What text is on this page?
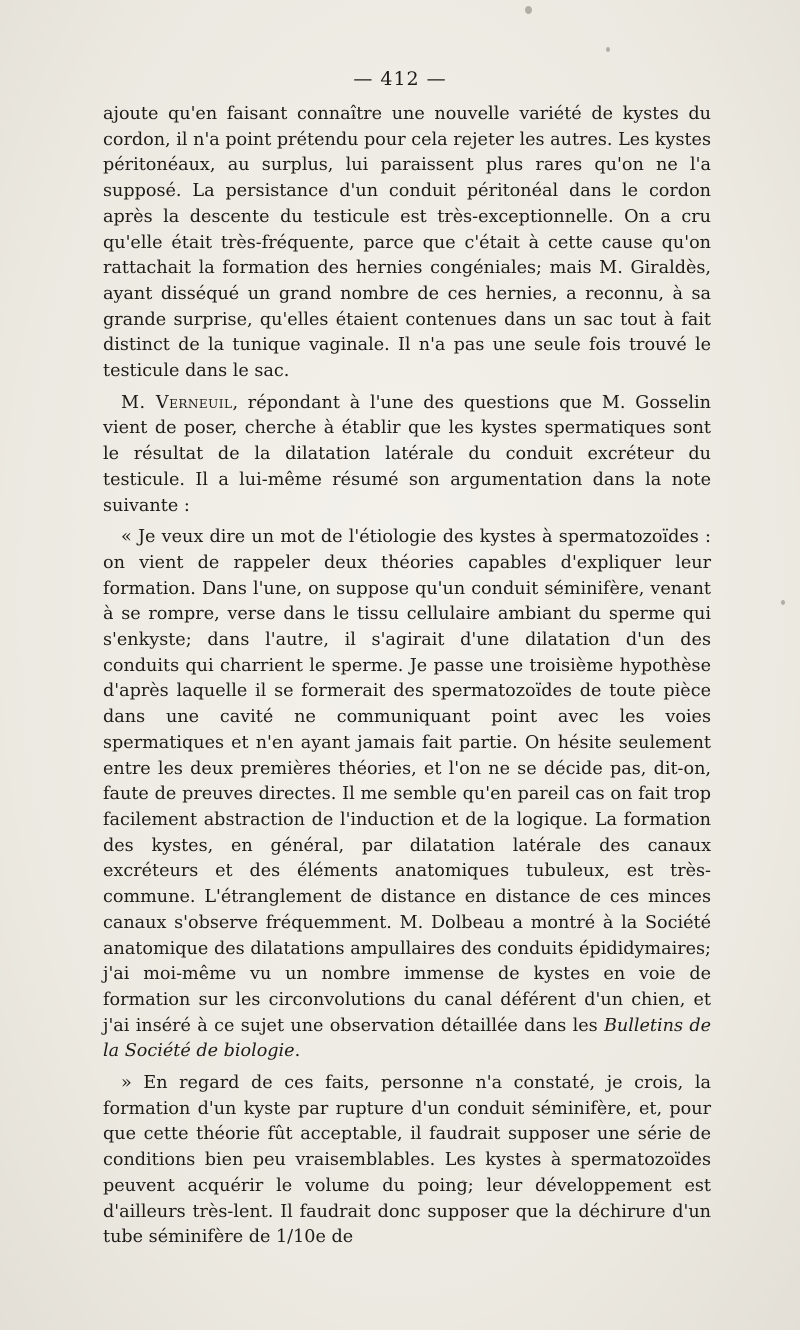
— 412 —

ajoute qu'en faisant connaître une nouvelle variété de kystes du cordon, il n'a point prétendu pour cela rejeter les autres. Les kystes péritonéaux, au surplus, lui paraissent plus rares qu'on ne l'a supposé. La persistance d'un conduit péritonéal dans le cordon après la descente du testicule est très-exceptionnelle. On a cru qu'elle était très-fréquente, parce que c'était à cette cause qu'on rattachait la formation des hernies congéniales; mais M. Giraldès, ayant disséqué un grand nombre de ces hernies, a reconnu, à sa grande surprise, qu'elles étaient contenues dans un sac tout à fait distinct de la tunique vaginale. Il n'a pas une seule fois trouvé le testicule dans le sac.

M. Verneuil, répondant à l'une des questions que M. Gosselin vient de poser, cherche à établir que les kystes spermatiques sont le résultat de la dilatation latérale du conduit excréteur du testicule. Il a lui-même résumé son argumentation dans la note suivante :

« Je veux dire un mot de l'étiologie des kystes à spermatozoïdes : on vient de rappeler deux théories capables d'expliquer leur formation. Dans l'une, on suppose qu'un conduit séminifère, venant à se rompre, verse dans le tissu cellulaire ambiant du sperme qui s'enkyste; dans l'autre, il s'agirait d'une dilatation d'un des conduits qui charrient le sperme. Je passe une troisième hypothèse d'après laquelle il se formerait des spermatozoïdes de toute pièce dans une cavité ne communiquant point avec les voies spermatiques et n'en ayant jamais fait partie. On hésite seulement entre les deux premières théories, et l'on ne se décide pas, dit-on, faute de preuves directes. Il me semble qu'en pareil cas on fait trop facilement abstraction de l'induction et de la logique. La formation des kystes, en général, par dilatation latérale des canaux excréteurs et des éléments anatomiques tubuleux, est très-commune. L'étranglement de distance en distance de ces minces canaux s'observe fréquemment. M. Dolbeau a montré à la Société anatomique des dilatations ampullaires des conduits épididymaires; j'ai moi-même vu un nombre immense de kystes en voie de formation sur les circonvolutions du canal déférent d'un chien, et j'ai inséré à ce sujet une observation détaillée dans les Bulletins de la Société de biologie.

» En regard de ces faits, personne n'a constaté, je crois, la formation d'un kyste par rupture d'un conduit séminifère, et, pour que cette théorie fût acceptable, il faudrait supposer une série de conditions bien peu vraisemblables. Les kystes à spermatozoïdes peuvent acquérir le volume du poing; leur développement est d'ailleurs très-lent. Il faudrait donc supposer que la déchirure d'un tube séminifère de 1/10e de
